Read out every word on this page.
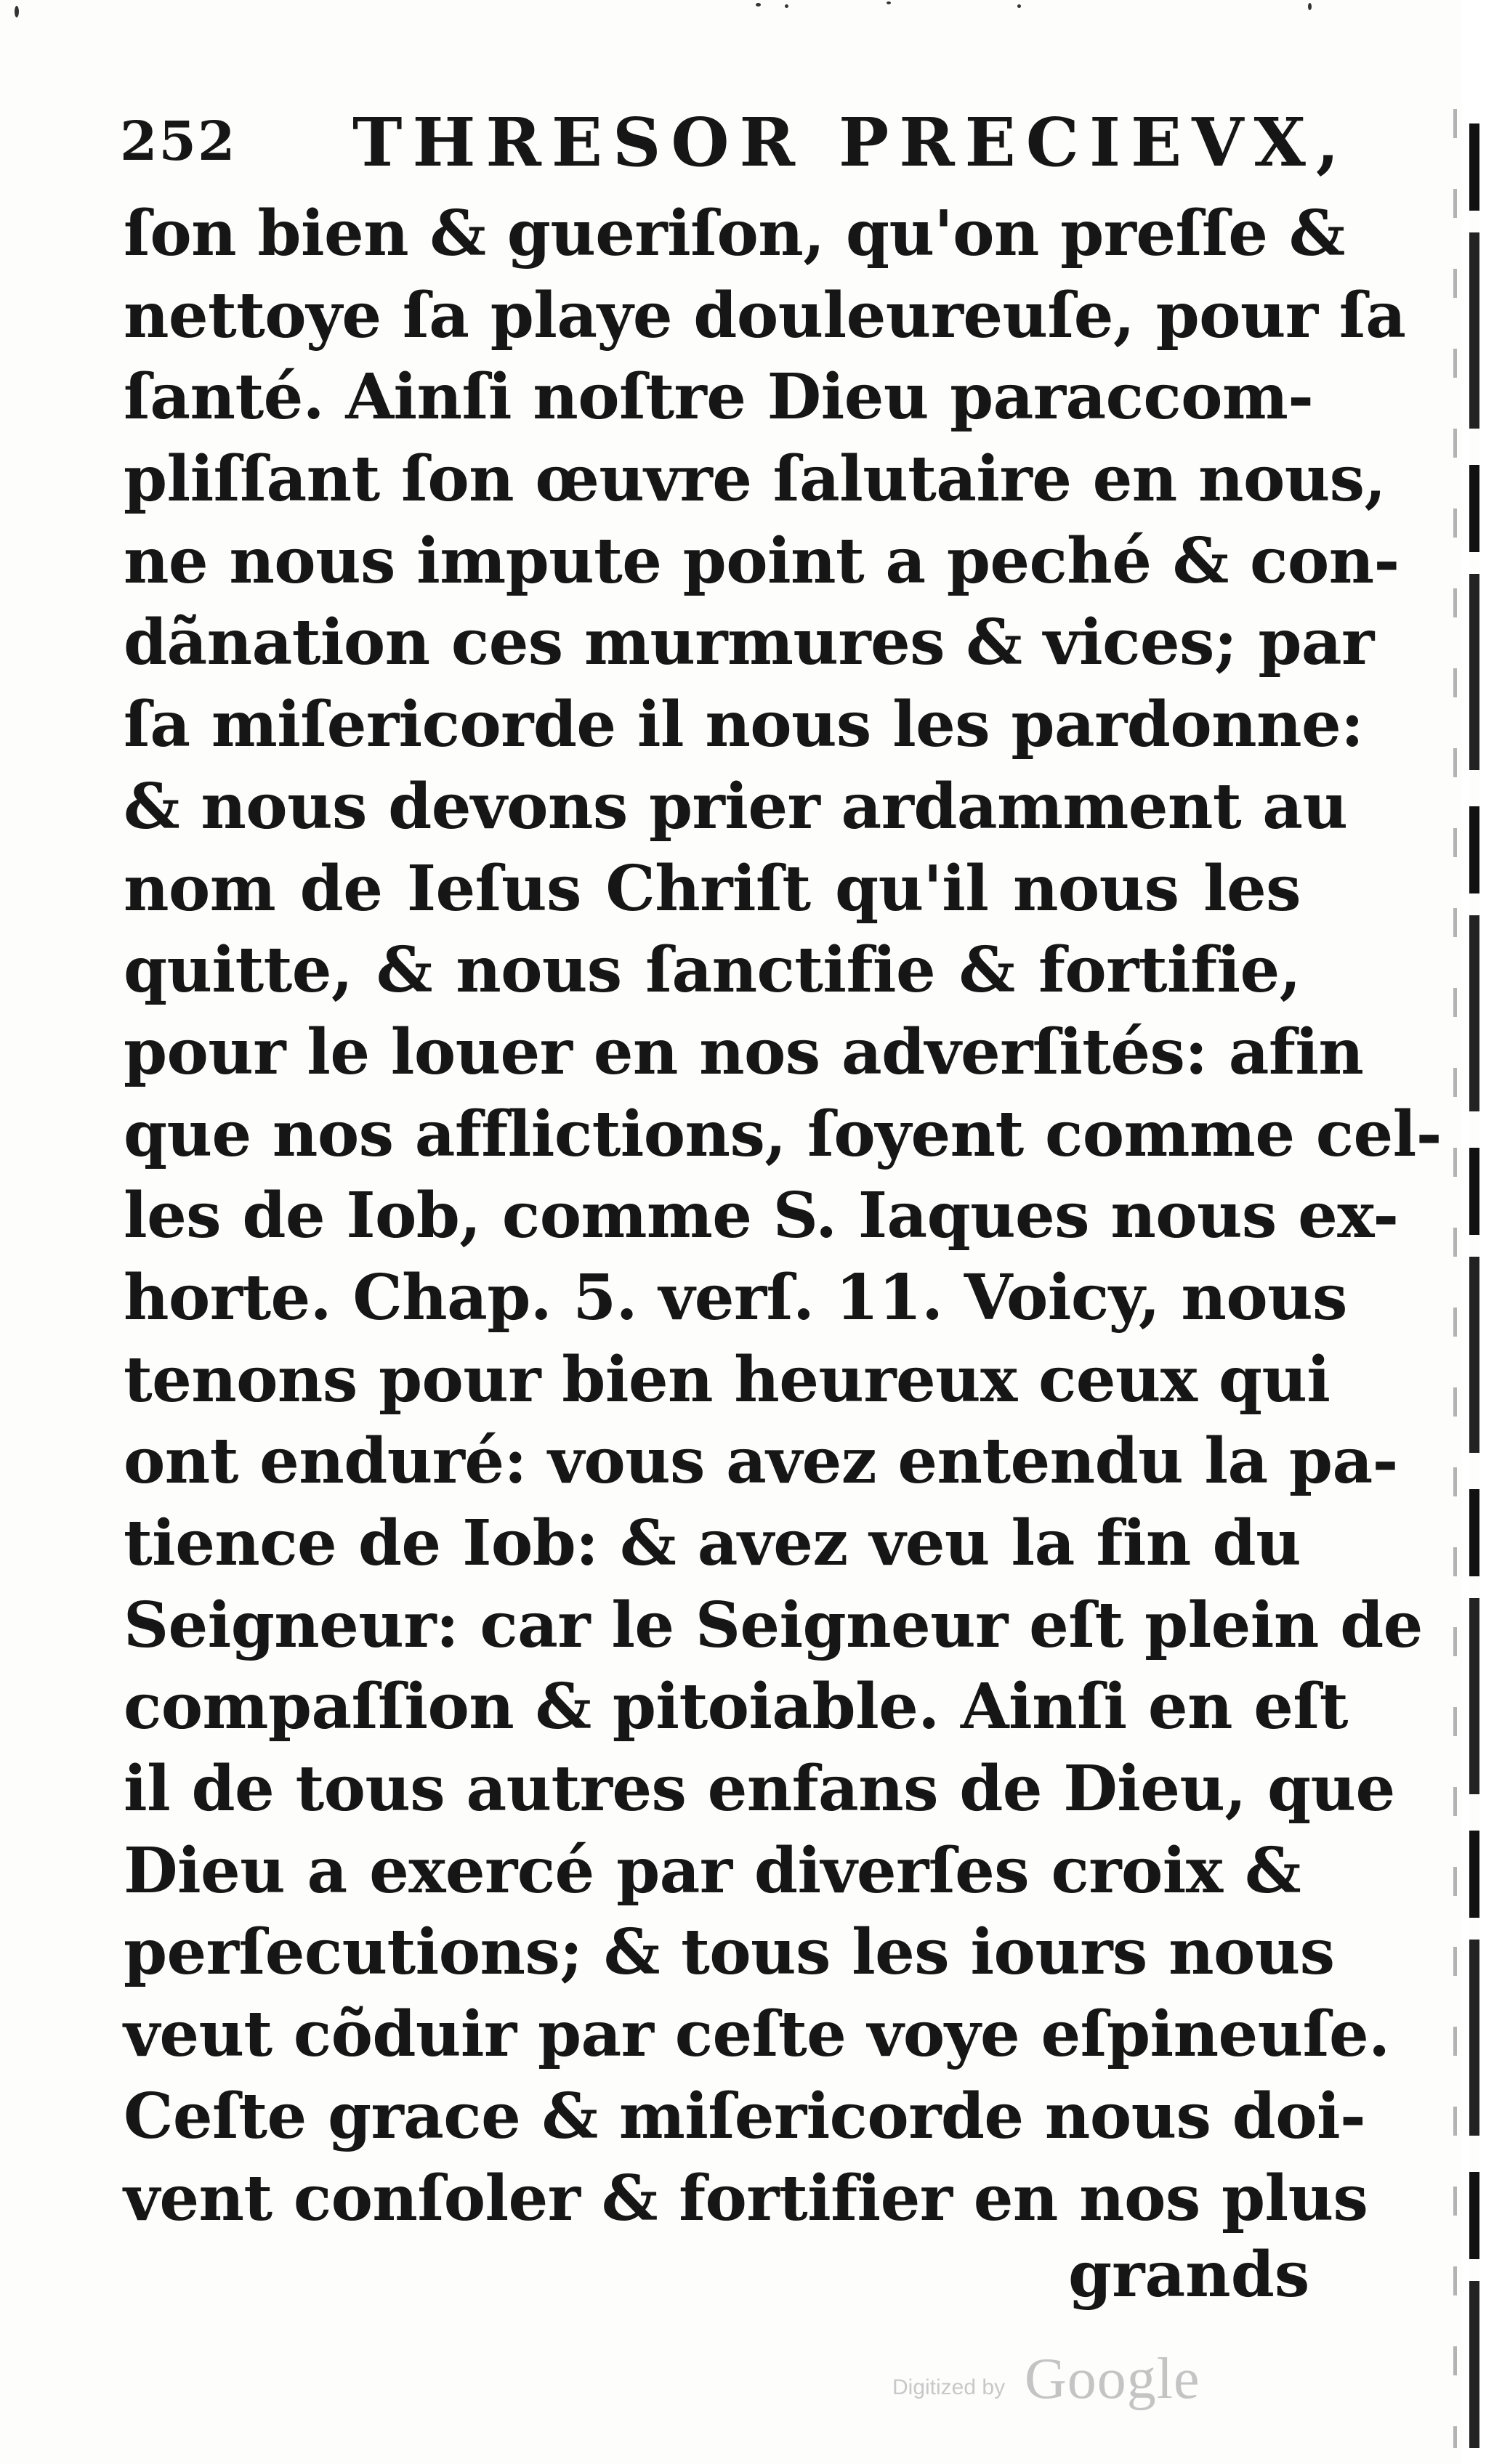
252 THRESOR PRECIEVX,
ſon bien & gueriſon, qu'on preſſe &
nettoye ſa playe douleureuſe, pour ſa
ſanté. Ainſi noſtre Dieu paraccom-
pliſſant ſon œuvre ſalutaire en nous,
ne nous impute point a peché & con-
dãnation ces murmures & vices; par
ſa miſericorde il nous les pardonne:
& nous devons prier ardamment au
nom de Ieſus Chriſt qu'il nous les
quitte, & nous ſanctifie & fortifie,
pour le louer en nos adverſités: afin
que nos afflictions, ſoyent comme cel-
les de Iob, comme S. Iaques nous ex-
horte. Chap. 5. verſ. 11. Voicy, nous
tenons pour bien heureux ceux qui
ont enduré: vous avez entendu la pa-
tience de Iob: & avez veu la fin du
Seigneur: car le Seigneur eſt plein de
compaſſion & pitoiable. Ainſi en eſt
il de tous autres enfans de Dieu, que
Dieu a exercé par diverſes croix &
perſecutions; & tous les iours nous
veut cõduir par ceſte voye eſpineuſe.
Ceſte grace & miſericorde nous doi-
vent conſoler & fortifier en nos plus
grands
Digitized by Google
